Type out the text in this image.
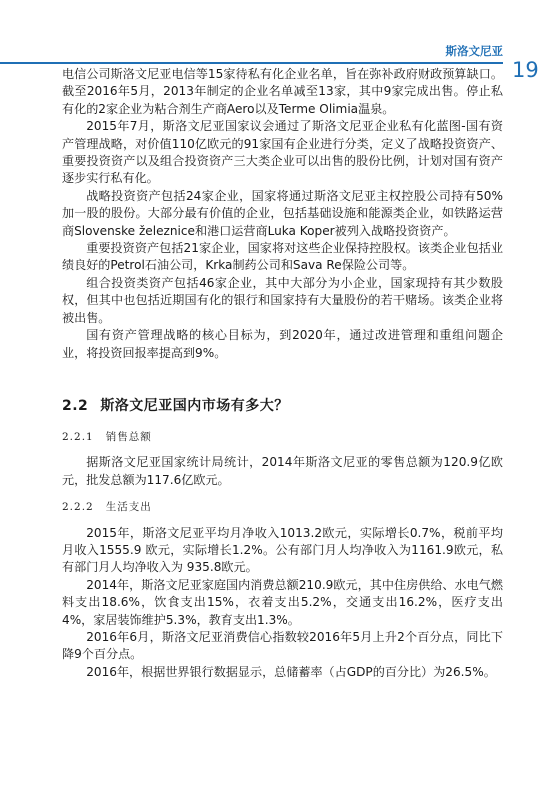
斯洛文尼亚
19

电信公司斯洛文尼亚电信等15家待私有化企业名单，旨在弥补政府财政预算缺口。截至2016年5月，2013年制定的企业名单减至13家，其中9家完成出售。停止私有化的2家企业为粘合剂生产商Aero以及Terme Olimia温泉。

2015年7月，斯洛文尼亚国家议会通过了斯洛文尼亚企业私有化蓝图-国有资产管理战略，对价值110亿欧元的91家国有企业进行分类，定义了战略投资资产、重要投资资产以及组合投资资产三大类企业可以出售的股份比例，计划对国有资产逐步实行私有化。

战略投资资产包括24家企业，国家将通过斯洛文尼亚主权控股公司持有50%加一股的股份。大部分最有价值的企业，包括基础设施和能源类企业，如铁路运营商Slovenske železnice和港口运营商Luka Koper被列入战略投资资产。

重要投资资产包括21家企业，国家将对这些企业保持控股权。该类企业包括业绩良好的Petrol石油公司，Krka制药公司和Sava Re保险公司等。

组合投资类资产包括46家企业，其中大部分为小企业，国家现持有其少数股权，但其中也包括近期国有化的银行和国家持有大量股份的若干赌场。该类企业将被出售。

国有资产管理战略的核心目标为，到2020年，通过改进管理和重组问题企业，将投资回报率提高到9%。

2.2 斯洛文尼亚国内市场有多大？
2.2.1 销售总额

据斯洛文尼亚国家统计局统计，2014年斯洛文尼亚的零售总额为120.9亿欧元，批发总额为117.6亿欧元。

2.2.2 生活支出

2015年，斯洛文尼亚平均月净收入1013.2欧元，实际增长0.7%，税前平均月收入1555.9 欧元，实际增长1.2%。公有部门月人均净收入为1161.9欧元，私有部门月人均净收入为 935.8欧元。

2014年，斯洛文尼亚家庭国内消费总额210.9欧元，其中住房供给、水电气燃料支出18.6%，饮食支出15%，衣着支出5.2%，交通支出16.2%，医疗支出4%，家居装饰维护5.3%，教育支出1.3%。

2016年6月，斯洛文尼亚消费信心指数较2016年5月上升2个百分点，同比下降9个百分点。

2016年，根据世界银行数据显示，总储蓄率（占GDP的百分比）为26.5%。
